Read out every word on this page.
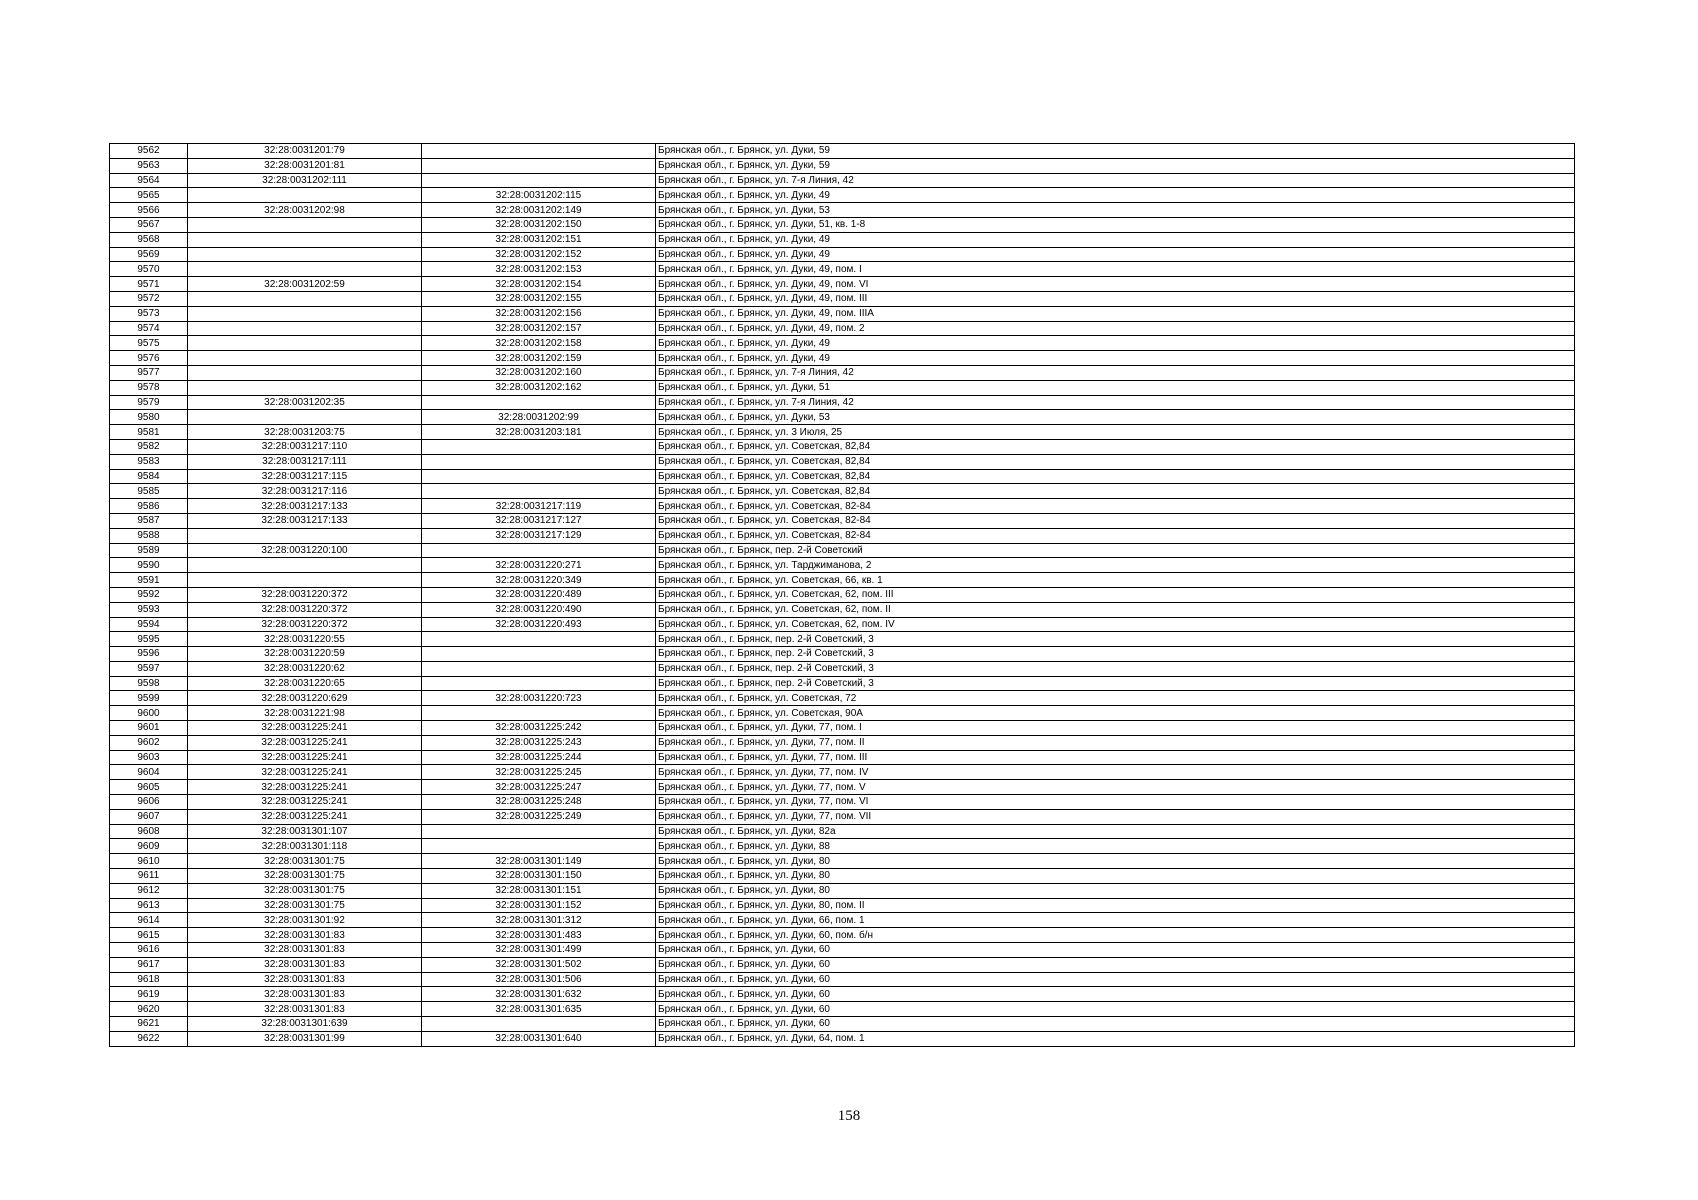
9562	32:28:0031201:79		Брянская обл., г. Брянск, ул. Дуки, 59
9563	32:28:0031201:81		Брянская обл., г. Брянск, ул. Дуки, 59
9564	32:28:0031202:111		Брянская обл., г. Брянск, ул. 7-я Линия, 42
9565		32:28:0031202:115	Брянская обл., г. Брянск, ул. Дуки, 49
9566	32:28:0031202:98	32:28:0031202:149	Брянская обл., г. Брянск, ул. Дуки, 53
9567		32:28:0031202:150	Брянская обл., г. Брянск, ул. Дуки, 51, кв. 1-8
9568		32:28:0031202:151	Брянская обл., г. Брянск, ул. Дуки, 49
9569		32:28:0031202:152	Брянская обл., г. Брянск, ул. Дуки, 49
9570		32:28:0031202:153	Брянская обл., г. Брянск, ул. Дуки, 49, пом. I
9571	32:28:0031202:59	32:28:0031202:154	Брянская обл., г. Брянск, ул. Дуки, 49, пом. VI
9572		32:28:0031202:155	Брянская обл., г. Брянск, ул. Дуки, 49, пом. III
9573		32:28:0031202:156	Брянская обл., г. Брянск, ул. Дуки, 49, пом. IIIA
9574		32:28:0031202:157	Брянская обл., г. Брянск, ул. Дуки, 49, пом. 2
9575		32:28:0031202:158	Брянская обл., г. Брянск, ул. Дуки, 49
9576		32:28:0031202:159	Брянская обл., г. Брянск, ул. Дуки, 49
9577		32:28:0031202:160	Брянская обл., г. Брянск, ул. 7-я Линия, 42
9578		32:28:0031202:162	Брянская обл., г. Брянск, ул. Дуки, 51
9579	32:28:0031202:35		Брянская обл., г. Брянск, ул. 7-я Линия, 42
9580		32:28:0031202:99	Брянская обл., г. Брянск, ул. Дуки, 53
9581	32:28:0031203:75	32:28:0031203:181	Брянская обл., г. Брянск, ул. 3 Июля, 25
9582	32:28:0031217:110		Брянская обл., г. Брянск, ул. Советская, 82,84
9583	32:28:0031217:111		Брянская обл., г. Брянск, ул. Советская, 82,84
9584	32:28:0031217:115		Брянская обл., г. Брянск, ул. Советская, 82,84
9585	32:28:0031217:116		Брянская обл., г. Брянск, ул. Советская, 82,84
9586	32:28:0031217:133	32:28:0031217:119	Брянская обл., г. Брянск, ул. Советская, 82-84
9587	32:28:0031217:133	32:28:0031217:127	Брянская обл., г. Брянск, ул. Советская, 82-84
9588		32:28:0031217:129	Брянская обл., г. Брянск, ул. Советская, 82-84
9589	32:28:0031220:100		Брянская обл., г. Брянск, пер. 2-й Советский
9590		32:28:0031220:271	Брянская обл., г. Брянск, ул. Тарджиманова, 2
9591		32:28:0031220:349	Брянская обл., г. Брянск, ул. Советская, 66, кв. 1
9592	32:28:0031220:372	32:28:0031220:489	Брянская обл., г. Брянск, ул. Советская, 62, пом. III
9593	32:28:0031220:372	32:28:0031220:490	Брянская обл., г. Брянск, ул. Советская, 62, пом. II
9594	32:28:0031220:372	32:28:0031220:493	Брянская обл., г. Брянск, ул. Советская, 62, пом. IV
9595	32:28:0031220:55		Брянская обл., г. Брянск, пер. 2-й Советский, 3
9596	32:28:0031220:59		Брянская обл., г. Брянск, пер. 2-й Советский, 3
9597	32:28:0031220:62		Брянская обл., г. Брянск, пер. 2-й Советский, 3
9598	32:28:0031220:65		Брянская обл., г. Брянск, пер. 2-й Советский, 3
9599	32:28:0031220:629	32:28:0031220:723	Брянская обл., г. Брянск, ул. Советская, 72
9600	32:28:0031221:98		Брянская обл., г. Брянск, ул. Советская, 90А
9601	32:28:0031225:241	32:28:0031225:242	Брянская обл., г. Брянск, ул. Дуки, 77, пом. I
9602	32:28:0031225:241	32:28:0031225:243	Брянская обл., г. Брянск, ул. Дуки, 77, пом. II
9603	32:28:0031225:241	32:28:0031225:244	Брянская обл., г. Брянск, ул. Дуки, 77, пом. III
9604	32:28:0031225:241	32:28:0031225:245	Брянская обл., г. Брянск, ул. Дуки, 77, пом. IV
9605	32:28:0031225:241	32:28:0031225:247	Брянская обл., г. Брянск, ул. Дуки, 77, пом. V
9606	32:28:0031225:241	32:28:0031225:248	Брянская обл., г. Брянск, ул. Дуки, 77, пом. VI
9607	32:28:0031225:241	32:28:0031225:249	Брянская обл., г. Брянск, ул. Дуки, 77, пом. VII
9608	32:28:0031301:107		Брянская обл., г. Брянск, ул. Дуки, 82а
9609	32:28:0031301:118		Брянская обл., г. Брянск, ул. Дуки, 88
9610	32:28:0031301:75	32:28:0031301:149	Брянская обл., г. Брянск, ул. Дуки, 80
9611	32:28:0031301:75	32:28:0031301:150	Брянская обл., г. Брянск, ул. Дуки, 80
9612	32:28:0031301:75	32:28:0031301:151	Брянская обл., г. Брянск, ул. Дуки, 80
9613	32:28:0031301:75	32:28:0031301:152	Брянская обл., г. Брянск, ул. Дуки, 80, пом. II
9614	32:28:0031301:92	32:28:0031301:312	Брянская обл., г. Брянск, ул. Дуки, 66, пом. 1
9615	32:28:0031301:83	32:28:0031301:483	Брянская обл., г. Брянск, ул. Дуки, 60, пом. б/н
9616	32:28:0031301:83	32:28:0031301:499	Брянская обл., г. Брянск, ул. Дуки, 60
9617	32:28:0031301:83	32:28:0031301:502	Брянская обл., г. Брянск, ул. Дуки, 60
9618	32:28:0031301:83	32:28:0031301:506	Брянская обл., г. Брянск, ул. Дуки, 60
9619	32:28:0031301:83	32:28:0031301:632	Брянская обл., г. Брянск, ул. Дуки, 60
9620	32:28:0031301:83	32:28:0031301:635	Брянская обл., г. Брянск, ул. Дуки, 60
9621	32:28:0031301:639		Брянская обл., г. Брянск, ул. Дуки, 60
9622	32:28:0031301:99	32:28:0031301:640	Брянская обл., г. Брянск, ул. Дуки, 64, пом. 1
158
